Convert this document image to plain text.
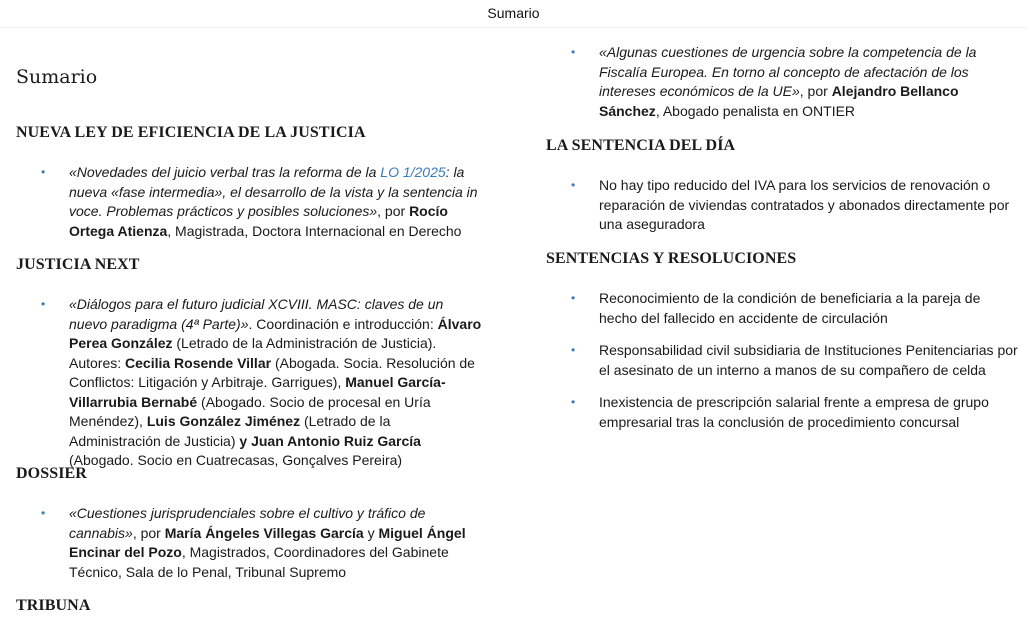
Sumario
Sumario
NUEVA LEY DE EFICIENCIA DE LA JUSTICIA
• «Novedades del juicio verbal tras la reforma de la LO 1/2025: la nueva «fase intermedia», el desarrollo de la vista y la sentencia in voce. Problemas prácticos y posibles soluciones», por Rocío Ortega Atienza, Magistrada, Doctora Internacional en Derecho
JUSTICIA NEXT
• «Diálogos para el futuro judicial XCVIII. MASC: claves de un nuevo paradigma (4ª Parte)». Coordinación e introducción: Álvaro Perea González (Letrado de la Administración de Justicia). Autores: Cecilia Rosende Villar (Abogada. Socia. Resolución de Conflictos: Litigación y Arbitraje. Garrigues), Manuel García-Villarrubia Bernabé (Abogado. Socio de procesal en Uría Menéndez), Luis González Jiménez (Letrado de la Administración de Justicia) y Juan Antonio Ruiz García (Abogado. Socio en Cuatrecasas, Gonçalves Pereira)
DOSSIER
• «Cuestiones jurisprudenciales sobre el cultivo y tráfico de cannabis», por María Ángeles Villegas García y Miguel Ángel Encinar del Pozo, Magistrados, Coordinadores del Gabinete Técnico, Sala de lo Penal, Tribunal Supremo
TRIBUNA
• «Algunas cuestiones de urgencia sobre la competencia de la Fiscalía Europea. En torno al concepto de afectación de los intereses económicos de la UE», por Alejandro Bellanco Sánchez, Abogado penalista en ONTIER
LA SENTENCIA DEL DÍA
• No hay tipo reducido del IVA para los servicios de renovación o reparación de viviendas contratados y abonados directamente por una aseguradora
SENTENCIAS Y RESOLUCIONES
• Reconocimiento de la condición de beneficiaria a la pareja de hecho del fallecido en accidente de circulación
• Responsabilidad civil subsidiaria de Instituciones Penitenciarias por el asesinato de un interno a manos de su compañero de celda
• Inexistencia de prescripción salarial frente a empresa de grupo empresarial tras la conclusión de procedimiento concursal
